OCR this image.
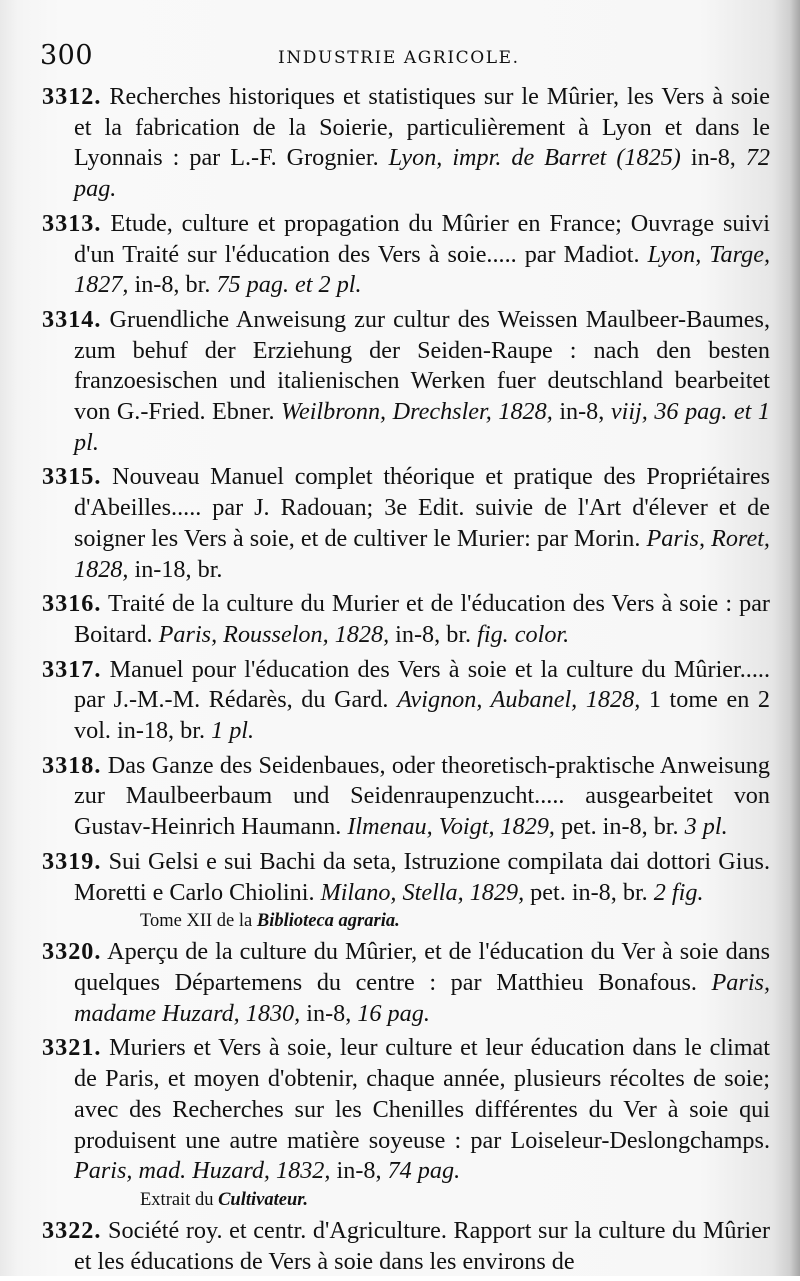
300	INDUSTRIE AGRICOLE.

3312. Recherches historiques et statistiques sur le Mûrier, les Vers à soie et la fabrication de la Soierie, particulièrement à Lyon et dans le Lyonnais : par L.-F. Grognier. Lyon, impr. de Barret (1825) in-8, 72 pag.

3313. Etude, culture et propagation du Mûrier en France; Ouvrage suivi d'un Traité sur l'éducation des Vers à soie..... par Madiot. Lyon, Targe, 1827, in-8, br. 75 pag. et 2 pl.

3314. Gruendliche Anweisung zur cultur des Weissen Maulbeer-Baumes, zum behuf der Erziehung der Seiden-Raupe : nach den besten franzoesischen und italienischen Werken fuer deutschland bearbeitet von G.-Fried. Ebner. Weilbronn, Drechsler, 1828, in-8, viij, 36 pag. et 1 pl.

3315. Nouveau Manuel complet théorique et pratique des Propriétaires d'Abeilles..... par J. Radouan; 3e Edit. suivie de l'Art d'élever et de soigner les Vers à soie, et de cultiver le Murier: par Morin. Paris, Roret, 1828, in-18, br.

3316. Traité de la culture du Murier et de l'éducation des Vers à soie : par Boitard. Paris, Rousselon, 1828, in-8, br. fig. color.

3317. Manuel pour l'éducation des Vers à soie et la culture du Mûrier..... par J.-M.-M. Rédarès, du Gard. Avignon, Aubanel, 1828, 1 tome en 2 vol. in-18, br. 1 pl.

3318. Das Ganze des Seidenbaues, oder theoretisch-praktische Anweisung zur Maulbeerbaum und Seidenraupenzucht..... ausgearbeitet von Gustav-Heinrich Haumann. Ilmenau, Voigt, 1829, pet. in-8, br. 3 pl.

3319. Sui Gelsi e sui Bachi da seta, Istruzione compilata dai dottori Gius. Moretti e Carlo Chiolini. Milano, Stella, 1829, pet. in-8, br. 2 fig.

Tome XII de la Biblioteca agraria.

3320. Aperçu de la culture du Mûrier, et de l'éducation du Ver à soie dans quelques Départemens du centre : par Matthieu Bonafous. Paris, madame Huzard, 1830, in-8, 16 pag.

3321. Muriers et Vers à soie, leur culture et leur éducation dans le climat de Paris, et moyen d'obtenir, chaque année, plusieurs récoltes de soie; avec des Recherches sur les Chenilles différentes du Ver à soie qui produisent une autre matière soyeuse : par Loiseleur-Deslongchamps. Paris, mad. Huzard, 1832, in-8, 74 pag.

Extrait du Cultivateur.

3322. Société roy. et centr. d'Agriculture. Rapport sur la culture du Mûrier et les éducations de Vers à soie dans les environs de
